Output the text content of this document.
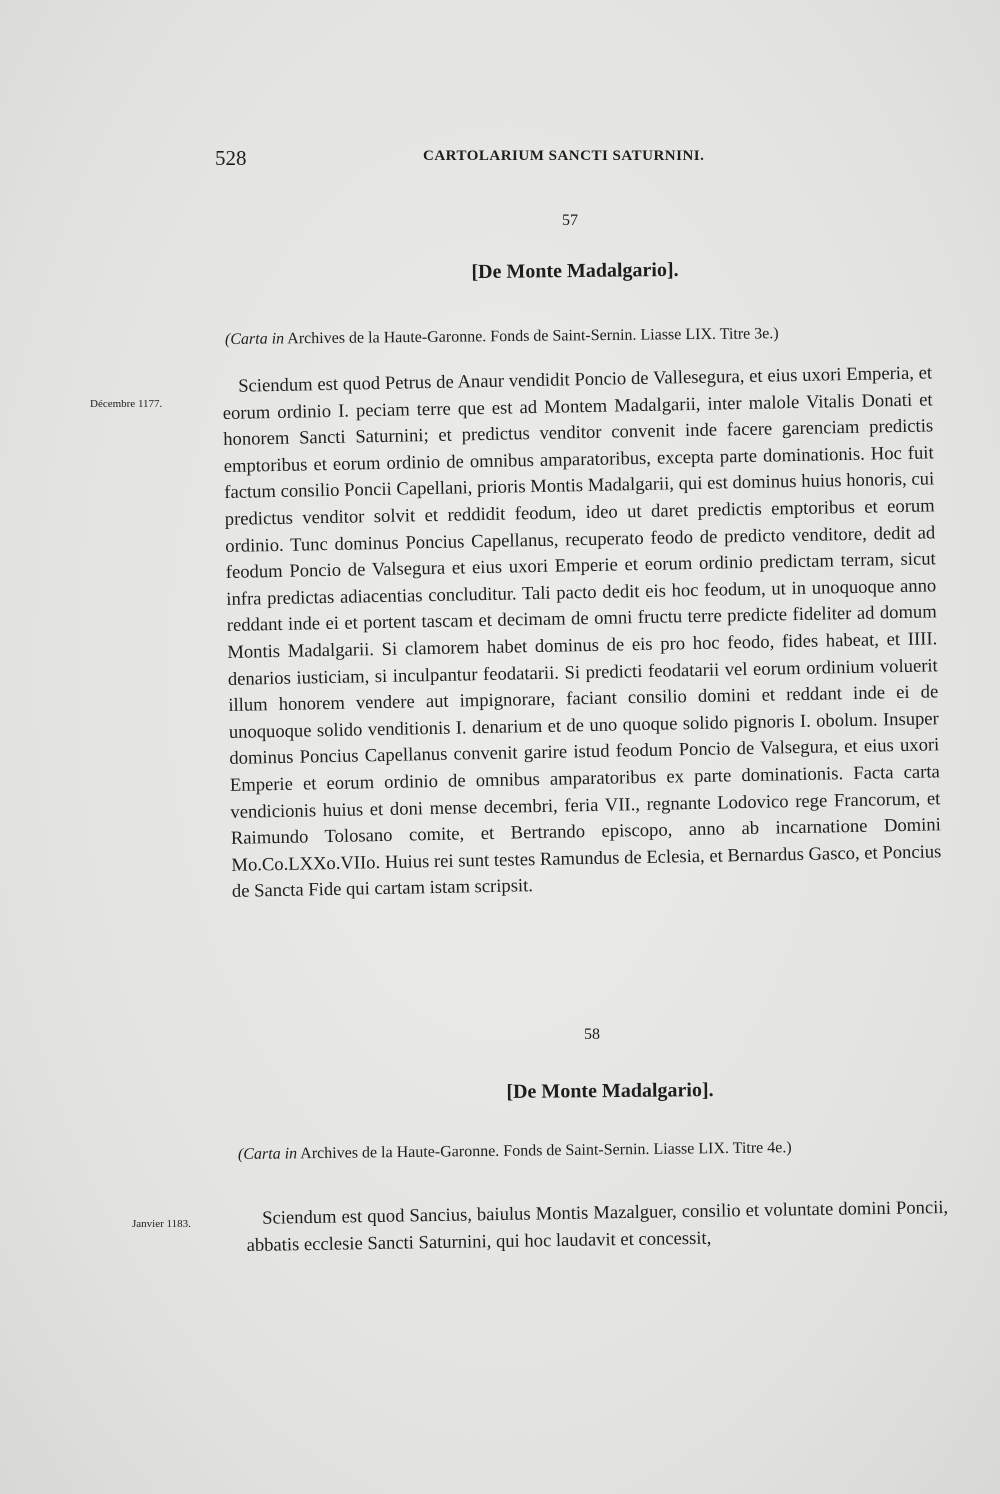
528	CARTOLARIUM SANCTI SATURNINI.
57
[De Monte Madalgario].
(Carta in Archives de la Haute-Garonne. Fonds de Saint-Sernin. Liasse LIX. Titre 3e.)
Décembre 1177.

Sciendum est quod Petrus de Anaur vendidit Poncio de Vallesegura, et eius uxori Emperia, et eorum ordinio I. peciam terre que est ad Montem Madalgarii, inter malole Vitalis Donati et honorem Sancti Saturnini; et predictus venditor convenit inde facere garenciam predictis emptoribus et eorum ordinio de omnibus amparatoribus, excepta parte dominationis. Hoc fuit factum consilio Poncii Capellani, prioris Montis Madalgarii, qui est dominus huius honoris, cui predictus venditor solvit et reddidit feodum, ideo ut daret predictis emptoribus et eorum ordinio. Tunc dominus Poncius Capellanus, recuperato feodo de predicto venditore, dedit ad feodum Poncio de Valsegura et eius uxori Emperie et eorum ordinio predictam terram, sicut infra predictas adiacentias concluditur. Tali pacto dedit eis hoc feodum, ut in unoquoque anno reddant inde ei et portent tascam et decimam de omni fructu terre predicte fideliter ad domum Montis Madalgarii. Si clamorem habet dominus de eis pro hoc feodo, fides habeat, et IIII. denarios iusticiam, si inculpantur feodatarii. Si predicti feodatarii vel eorum ordinium voluerit illum honorem vendere aut impignorare, faciant consilio domini et reddant inde ei de unoquoque solido venditionis I. denarium et de uno quoque solido pignoris I. obolum. Insuper dominus Poncius Capellanus convenit garire istud feodum Poncio de Valsegura, et eius uxori Emperie et eorum ordinio de omnibus amparatoribus ex parte dominationis. Facta carta vendicionis huius et doni mense decembri, feria VII., regnante Lodovico rege Francorum, et Raimundo Tolosano comite, et Bertrando episcopo, anno ab incarnatione Domini Mo.Co.LXXo.VIIo. Huius rei sunt testes Ramundus de Eclesia, et Bernardus Gasco, et Poncius de Sancta Fide qui cartam istam scripsit.

58
[De Monte Madalgario].
(Carta in Archives de la Haute-Garonne. Fonds de Saint-Sernin. Liasse LIX. Titre 4e.)
Janvier 1183.	Sciendum est quod Sancius, baiulus Montis Mazalguer, consilio et voluntate domini Poncii, abbatis ecclesie Sancti Saturnini, qui hoc laudavit et concessit,
